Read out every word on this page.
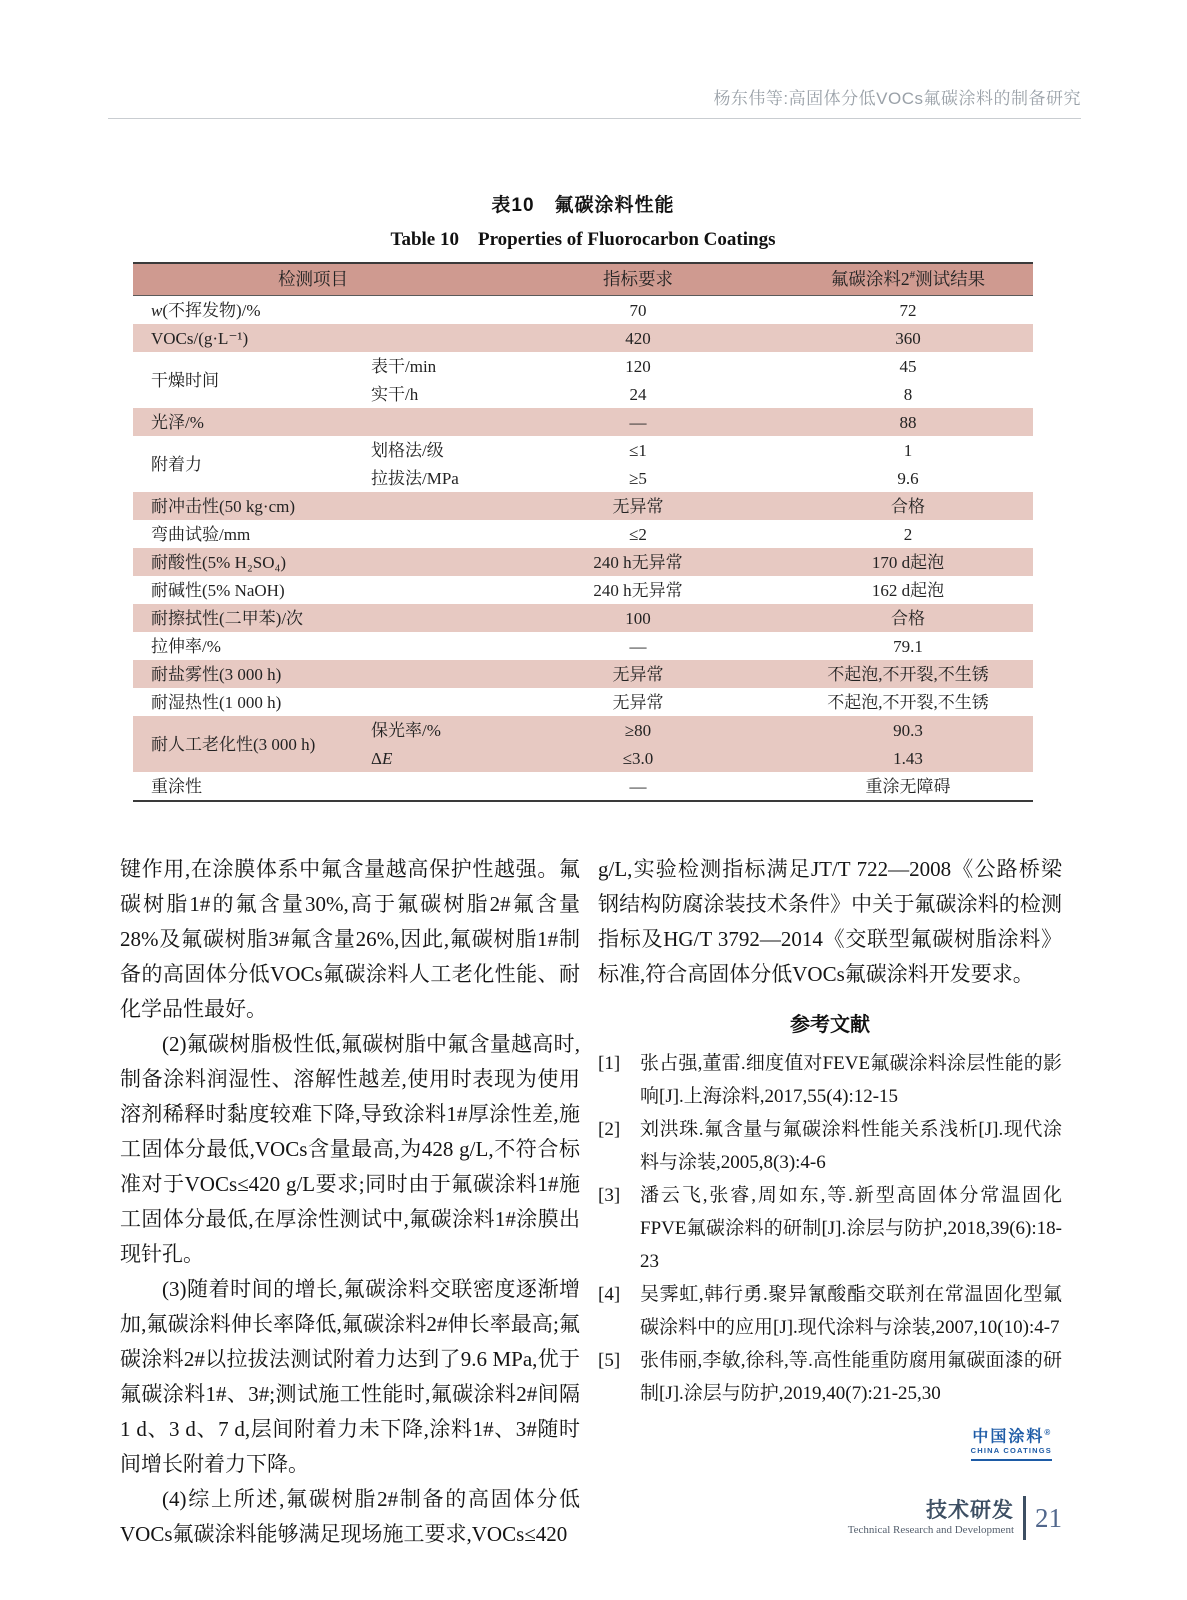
杨东伟等:高固体分低VOCs氟碳涂料的制备研究
表10　氟碳涂料性能
Table 10　Properties of Fluorocarbon Coatings
检测项目	指标要求	氟碳涂料2#测试结果
w(不挥发物)/%	70	72
VOCs/(g·L⁻¹)	420	360
干燥时间
表干/min	120	45
实干/h	24	8
光泽/%	—	88
附着力
划格法/级	≤1	1
拉拔法/MPa	≥5	9.6
耐冲击性(50 kg·cm)	无异常	合格
弯曲试验/mm	≤2	2
耐酸性(5% H₂SO₄)	240 h无异常	170 d起泡
耐碱性(5% NaOH)	240 h无异常	162 d起泡
耐擦拭性(二甲苯)/次	100	合格
拉伸率/%	—	79.1
耐盐雾性(3 000 h)	无异常	不起泡,不开裂,不生锈
耐湿热性(1 000 h)	无异常	不起泡,不开裂,不生锈
耐人工老化性(3 000 h)
保光率/%	≥80	90.3
ΔE	≤3.0	1.43
重涂性	—	重涂无障碍

键作用,在涂膜体系中氟含量越高保护性越强。氟碳树脂1#的氟含量30%,高于氟碳树脂2#氟含量28%及氟碳树脂3#氟含量26%,因此,氟碳树脂1#制备的高固体分低VOCs氟碳涂料人工老化性能、耐化学品性最好。

(2)氟碳树脂极性低,氟碳树脂中氟含量越高时,制备涂料润湿性、溶解性越差,使用时表现为使用溶剂稀释时黏度较难下降,导致涂料1#厚涂性差,施工固体分最低,VOCs含量最高,为428 g/L,不符合标准对于VOCs≤420 g/L要求;同时由于氟碳涂料1#施工固体分最低,在厚涂性测试中,氟碳涂料1#涂膜出现针孔。

(3)随着时间的增长,氟碳涂料交联密度逐渐增加,氟碳涂料伸长率降低,氟碳涂料2#伸长率最高;氟碳涂料2#以拉拔法测试附着力达到了9.6 MPa,优于氟碳涂料1#、3#;测试施工性能时,氟碳涂料2#间隔1 d、3 d、7 d,层间附着力未下降,涂料1#、3#随时间增长附着力下降。

(4)综上所述,氟碳树脂2#制备的高固体分低VOCs氟碳涂料能够满足现场施工要求,VOCs≤420

g/L,实验检测指标满足JT/T 722—2008《公路桥梁钢结构防腐涂装技术条件》中关于氟碳涂料的检测指标及HG/T 3792—2014《交联型氟碳树脂涂料》标准,符合高固体分低VOCs氟碳涂料开发要求。

参考文献
[1]	张占强,董雷.细度值对FEVE氟碳涂料涂层性能的影响[J].上海涂料,2017,55(4):12-15
[2]	刘洪珠.氟含量与氟碳涂料性能关系浅析[J].现代涂料与涂装,2005,8(3):4-6
[3]	潘云飞,张睿,周如东,等.新型高固体分常温固化FPVE氟碳涂料的研制[J].涂层与防护,2018,39(6):18-23
[4]	吴霁虹,韩行勇.聚异氰酸酯交联剂在常温固化型氟碳涂料中的应用[J].现代涂料与涂装,2007,10(10):4-7
[5]	张伟丽,李敏,徐科,等.高性能重防腐用氟碳面漆的研制[J].涂层与防护,2019,40(7):21-25,30
中国涂料®
CHINA COATINGS
技术研发
Technical Research and Development 21
